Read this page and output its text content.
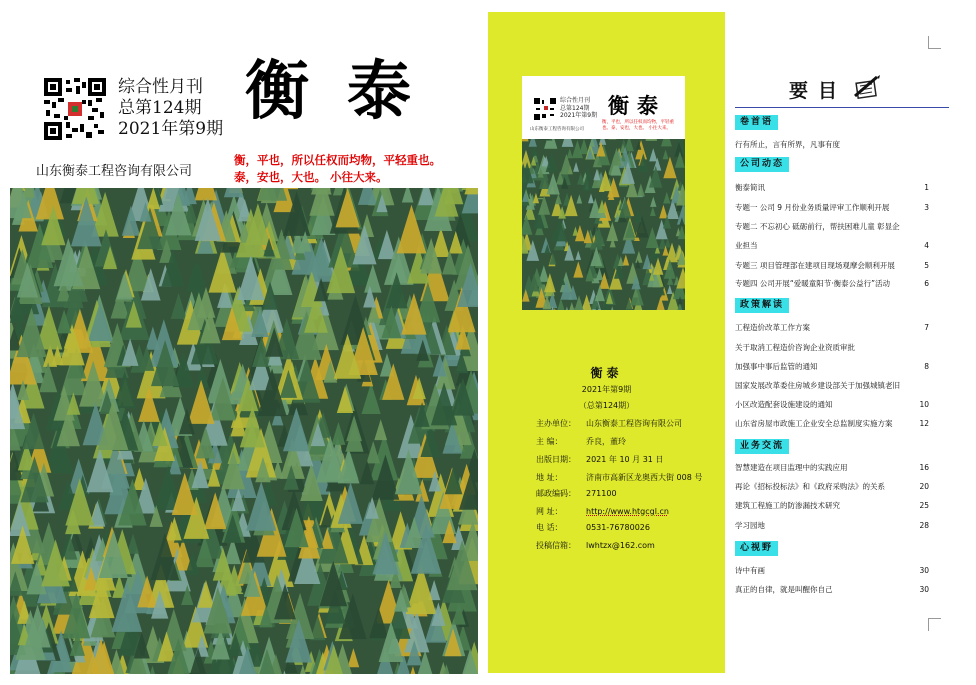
综合性月刊
总第124期
2021年第9期 衡泰
山东衡泰工程咨询有限公司
衡，平也，所以任权而均物，平轻重也。
泰，安也，大也。 小往大来。
综合性月刊
总第124期
2021年第9期 衡泰
山东衡泰工程咨询有限公司
衡，平也，所以任权而均物，平轻重也。泰，安也，大也。 小往大来。
衡泰
2021年第9期
（总第124期）
主办单位： 山东衡泰工程咨询有限公司
主 编：	乔良，董玲
出版日期： 2021 年 10 月 31 日
地 址：	济南市高新区龙奥西大街 008 号
邮政编码： 271100
网 址：	http://www.htgcgl.cn
电 话：	0531-76780026
投稿信箱： lwhtzx@162.com
要目
卷首语
行有所止，言有所界，凡事有度
公司动态
衡泰简讯	1
专题一 公司 9 月份业务质量评审工作顺利开展	3
专题二 不忘初心 砥砺前行，帮扶困难儿童 彰显企
业担当	4
专题三 项目管理部在建项目现场观摩会顺利开展	5
专题四 公司开展“爱暖童阳节·衡泰公益行”活动	6
政策解读
工程造价改革工作方案	7
关于取消工程造价咨询企业资质审批
加强事中事后监管的通知	8
国家发展改革委住房城乡建设部关于加强城镇老旧
小区改造配套设施建设的通知	10
山东省房屋市政施工企业安全总监制度实施方案	12
业务交流
智慧建造在项目监理中的实践应用	16
再论《招标投标法》和《政府采购法》的关系	20
建筑工程施工的防渗漏技术研究	25
学习园地	28
心视野
诗中有画	30
真正的自律，就是叫醒你自己	30
